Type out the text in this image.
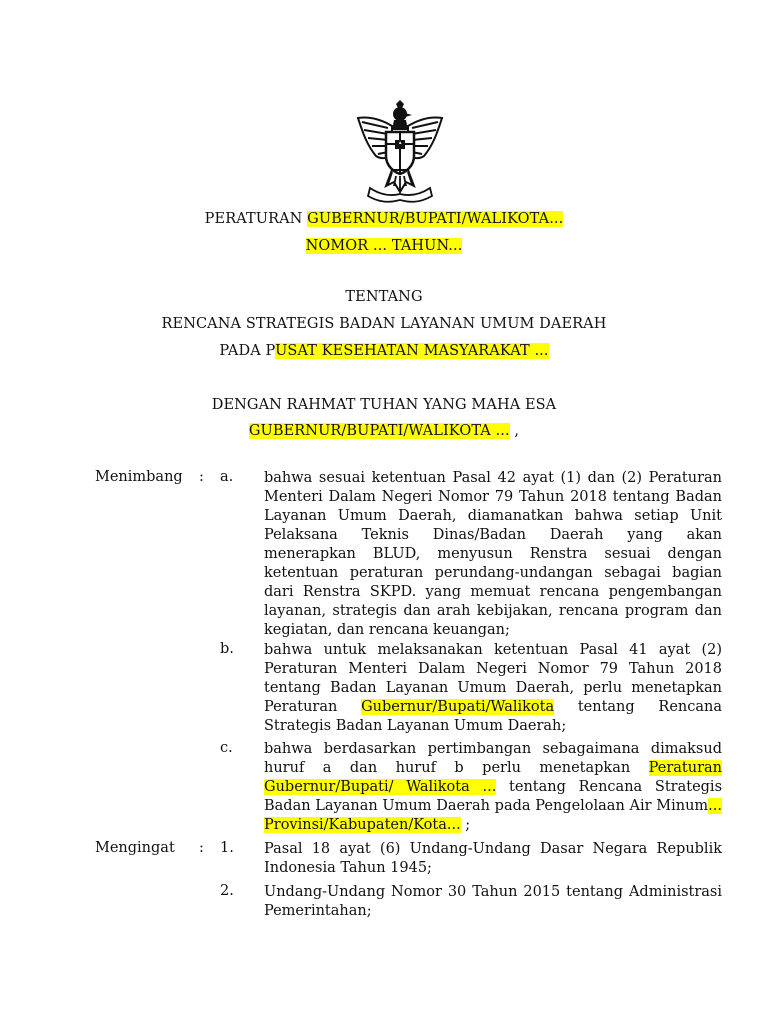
PERATURAN GUBERNUR/BUPATI/WALIKOTA...
NOMOR ... TAHUN...
TENTANG
RENCANA STRATEGIS BADAN LAYANAN UMUM DAERAH
PADA PUSAT KESEHATAN MASYARAKAT ...
DENGAN RAHMAT TUHAN YANG MAHA ESA
GUBERNUR/BUPATI/WALIKOTA ... ,
Menimbang : a. bahwa sesuai ketentuan Pasal 42 ayat (1) dan (2) Peraturan Menteri Dalam Negeri Nomor 79 Tahun 2018 tentang Badan Layanan Umum Daerah, diamanatkan bahwa setiap Unit Pelaksana Teknis Dinas/Badan Daerah yang akan menerapkan BLUD, menyusun Renstra sesuai dengan ketentuan peraturan perundang-undangan sebagai bagian dari Renstra SKPD. yang memuat rencana pengembangan layanan, strategis dan arah kebijakan, rencana program dan kegiatan, dan rencana keuangan;
b. bahwa untuk melaksanakan ketentuan Pasal 41 ayat (2) Peraturan Menteri Dalam Negeri Nomor 79 Tahun 2018 tentang Badan Layanan Umum Daerah, perlu menetapkan Peraturan Gubernur/Bupati/Walikota tentang Rencana Strategis Badan Layanan Umum Daerah;
c. bahwa berdasarkan pertimbangan sebagaimana dimaksud huruf a dan huruf b perlu menetapkan Peraturan Gubernur/Bupati/ Walikota ... tentang Rencana Strategis Badan Layanan Umum Daerah pada Pengelolaan Air Minum... Provinsi/Kabupaten/Kota... ;
Mengingat : 1. Pasal 18 ayat (6) Undang-Undang Dasar Negara Republik Indonesia Tahun 1945;
2. Undang-Undang Nomor 30 Tahun 2015 tentang Administrasi Pemerintahan;
